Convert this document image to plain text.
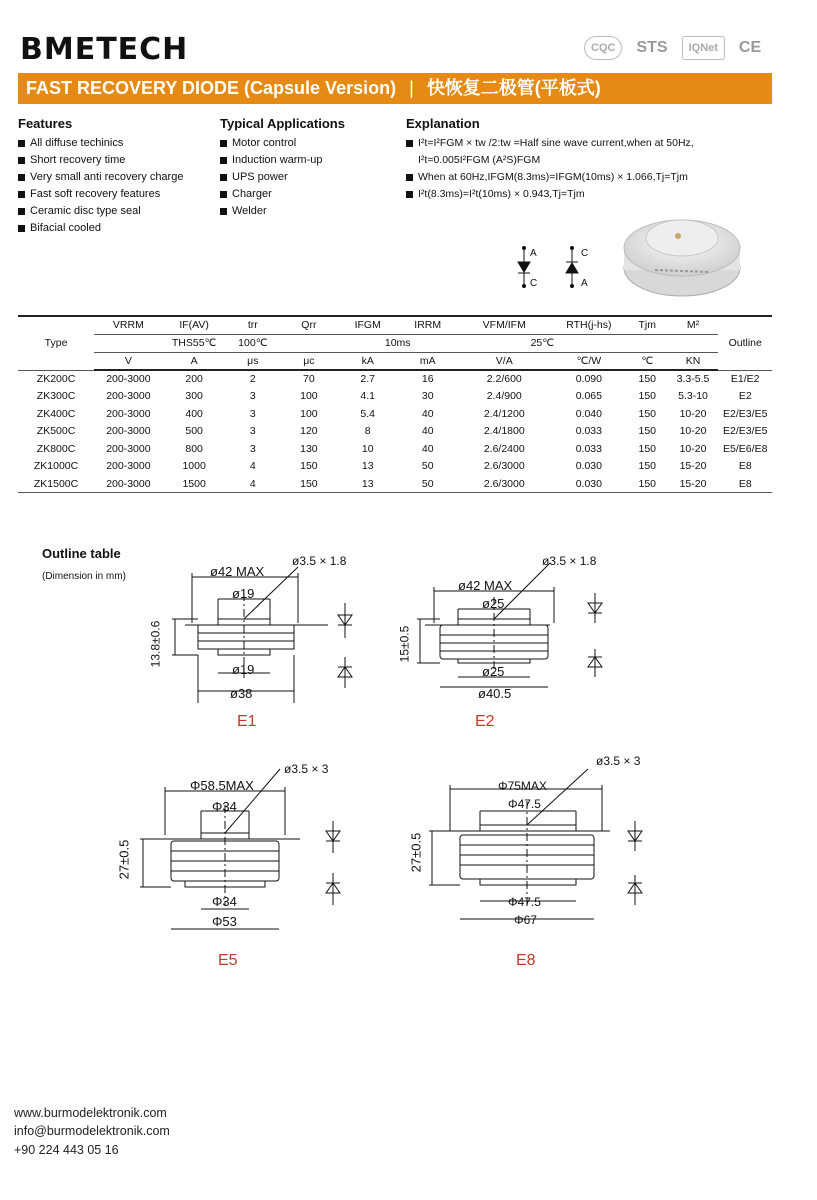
BMETECH	CQC	STS	IQNet	CE
FAST RECOVERY DIODE (Capsule Version) | 快恢复二极管(平板式)
Features
All diffuse techinics
Short recovery time
Very small anti recovery charge
Fast soft recovery features
Ceramic disc type seal
Bifacial cooled
Typical Applications
Motor control
Induction warm-up
UPS power
Charger
Welder
Explanation
I²t=I²FGM × tw /2:tw =Half sine wave current,when at 50Hz,
I²t=0.005I²FGM (A²S)FGM
When at 60Hz,IFGM(8.3ms)=IFGM(10ms) × 1.066,Tj=Tjm
I²t(8.3ms)=I²t(10ms) × 0.943,Tj=Tjm
A
C
C
A
Type	VRRM	IF(AV)	trr	Qrr	IFGM	IRRM	VFM/IFM	RTH(j-hs)	Tjm	M²	Outline
		THS55℃	100℃		10ms		25℃				
	V	A	μs	μc	kA	mA	V/A	℃/W	℃	KN	
ZK200C	200-3000	200	2	70	2.7	16	2.2/600	0.090	150	3.3-5.5	E1/E2
ZK300C	200-3000	300	3	100	4.1	30	2.4/900	0.065	150	5.3-10	E2
ZK400C	200-3000	400	3	100	5.4	40	2.4/1200	0.040	150	10-20	E2/E3/E5
ZK500C	200-3000	500	3	120	8	40	2.4/1800	0.033	150	10-20	E2/E3/E5
ZK800C	200-3000	800	3	130	10	40	2.6/2400	0.033	150	10-20	E5/E6/E8
ZK1000C	200-3000	1000	4	150	13	50	2.6/3000	0.030	150	15-20	E8
ZK1500C	200-3000	1500	4	150	13	50	2.6/3000	0.030	150	15-20	E8
Outline table
(Dimension in mm)	ø42 MAX
ø3.5 × 1.8
ø19
ø19
ø38
13.8±0.6
E1
ø42 MAX
ø3.5 × 1.8
ø25
ø25
ø40.5
15±0.5
E2
Φ58.5MAX
ø3.5 × 3
Φ34
Φ34
Φ53
27±0.5
E5
Φ75MAX
ø3.5 × 3
Φ47.5
Φ47.5
Φ67
27±0.5
E8
www.burmodelektronik.com
info@burmodelektronik.com
+90 224 443 05 16
